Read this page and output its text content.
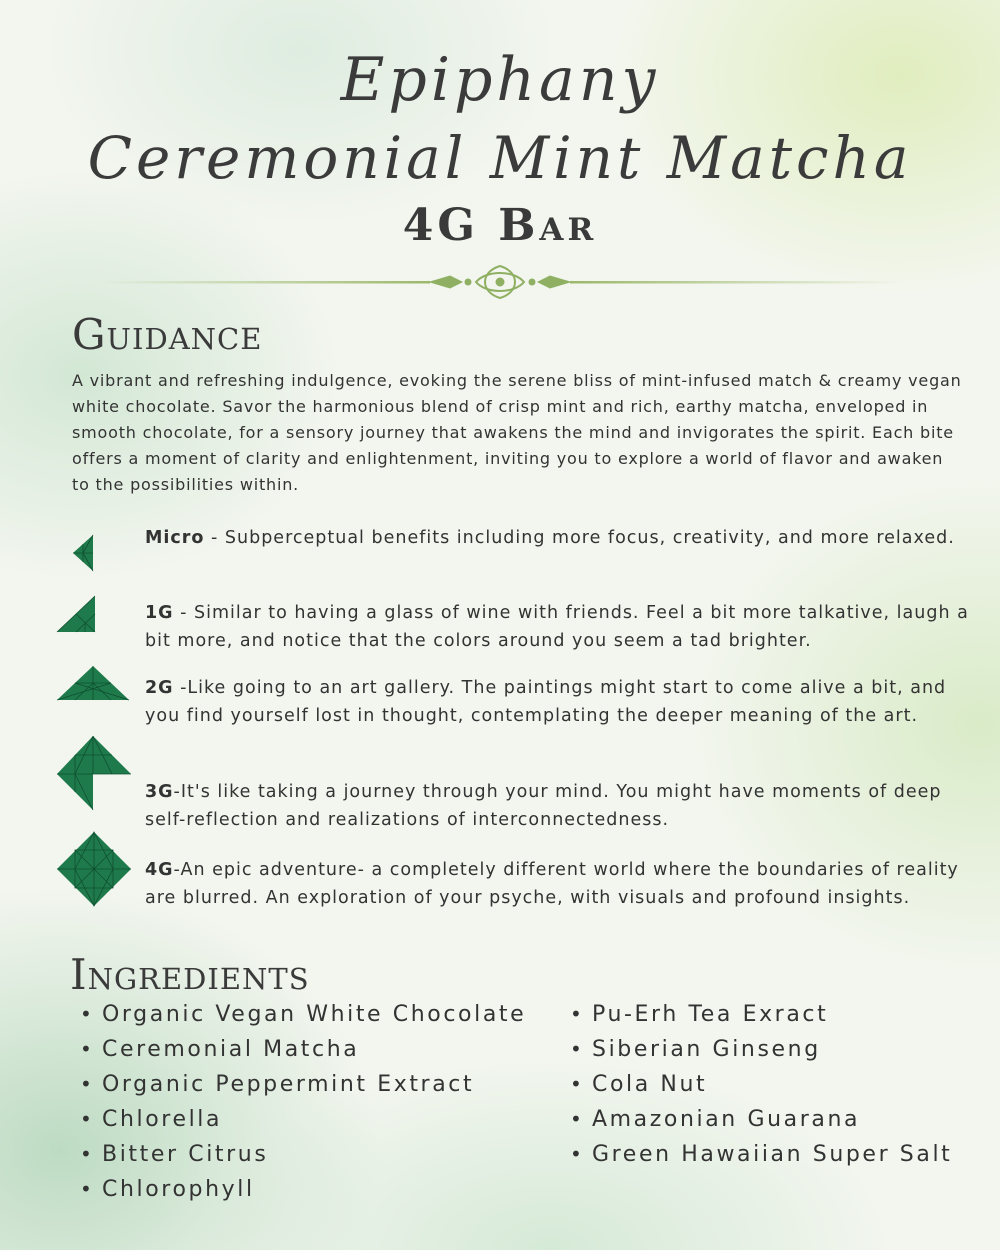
Epiphany
Ceremonial Mint Matcha
4G Bar
Guidance
A vibrant and refreshing indulgence, evoking the serene bliss of mint-infused match & creamy vegan white chocolate. Savor the harmonious blend of crisp mint and rich, earthy matcha, enveloped in smooth chocolate, for a sensory journey that awakens the mind and invigorates the spirit. Each bite offers a moment of clarity and enlightenment, inviting you to explore a world of flavor and awaken to the possibilities within.
Micro - Subperceptual benefits including more focus, creativity, and more relaxed.
1G - Similar to having a glass of wine with friends. Feel a bit more talkative, laugh a bit more, and notice that the colors around you seem a tad brighter.
2G -Like going to an art gallery. The paintings might start to come alive a bit, and you find yourself lost in thought, contemplating the deeper meaning of the art.
3G-It's like taking a journey through your mind. You might have moments of deep self-reflection and realizations of interconnectedness.
4G-An epic adventure- a completely different world where the boundaries of reality are blurred. An exploration of your psyche, with visuals and profound insights.
Ingredients
• Organic Vegan White Chocolate
• Ceremonial Matcha
• Organic Peppermint Extract
• Chlorella
• Bitter Citrus
• Chlorophyll
• Pu-Erh Tea Exract
• Siberian Ginseng
• Cola Nut
• Amazonian Guarana
• Green Hawaiian Super Salt
